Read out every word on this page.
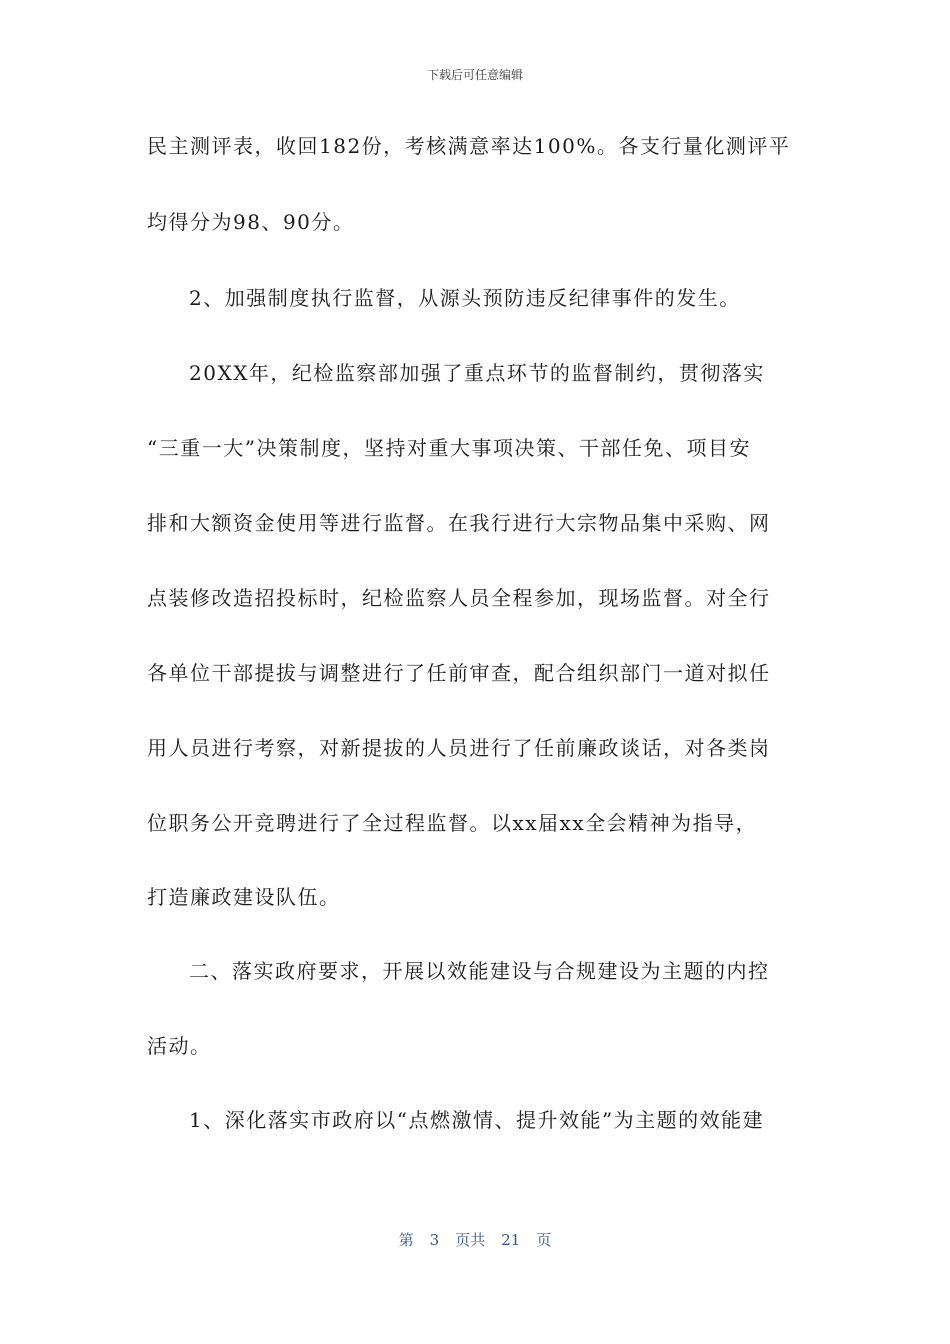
下载后可任意编辑
民主测评表，收回182份，考核满意率达100%。各支行量化测评平
均得分为98、90分。
2、加强制度执行监督，从源头预防违反纪律事件的发生。
20XX年，纪检监察部加强了重点环节的监督制约，贯彻落实
“三重一大”决策制度，坚持对重大事项决策、干部任免、项目安
排和大额资金使用等进行监督。在我行进行大宗物品集中采购、网
点装修改造招投标时，纪检监察人员全程参加，现场监督。对全行
各单位干部提拔与调整进行了任前审查，配合组织部门一道对拟任
用人员进行考察，对新提拔的人员进行了任前廉政谈话，对各类岗
位职务公开竞聘进行了全过程监督。以xx届xx全会精神为指导，
打造廉政建设队伍。
二、落实政府要求，开展以效能建设与合规建设为主题的内控
活动。
1、深化落实市政府以“点燃激情、提升效能”为主题的效能建
第 3 页共 21 页
